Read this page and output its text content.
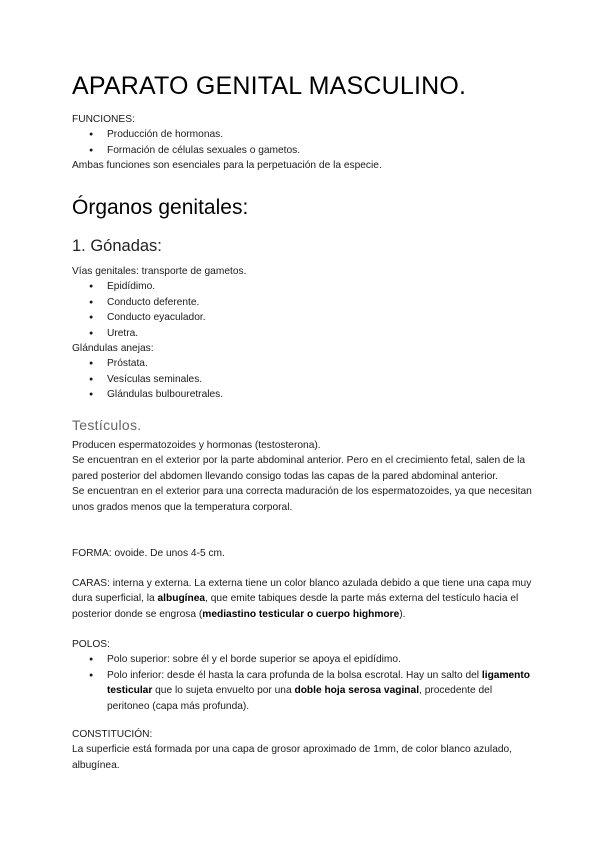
APARATO GENITAL MASCULINO.

FUNCIONES:

● Producción de hormonas.
● Formación de células sexuales o gametos.

Ambas funciones son esenciales para la perpetuación de la especie.

Órganos genitales:
1. Gónadas:

Vías genitales: transporte de gametos.

● Epidídimo.
● Conducto deferente.
● Conducto eyaculador.
● Uretra.

Glándulas anejas:

● Próstata.
● Vesículas seminales.
● Glándulas bulbouretrales.
Testículos.

Producen espermatozoides y hormonas (testosterona).

Se encuentran en el exterior por la parte abdominal anterior. Pero en el crecimiento fetal, salen de la pared posterior del abdomen llevando consigo todas las capas de la pared abdominal anterior.

Se encuentran en el exterior para una correcta maduración de los espermatozoides, ya que necesitan unos grados menos que la temperatura corporal.

FORMA: ovoide. De unos 4-5 cm.

CARAS: interna y externa. La externa tiene un color blanco azulada debido a que tiene una capa muy dura superficial, la albugínea, que emite tabiques desde la parte más externa del testículo hacia el posterior donde se engrosa (mediastino testicular o cuerpo highmore).

POLOS:

● Polo superior: sobre él y el borde superior se apoya el epidídimo.
● Polo inferior: desde él hasta la cara profunda de la bolsa escrotal. Hay un salto del ligamento testicular que lo sujeta envuelto por una doble hoja serosa vaginal, procedente del peritoneo (capa más profunda).

CONSTITUCIÓN:

La superficie está formada por una capa de grosor aproximado de 1mm, de color blanco azulado, albugínea.
